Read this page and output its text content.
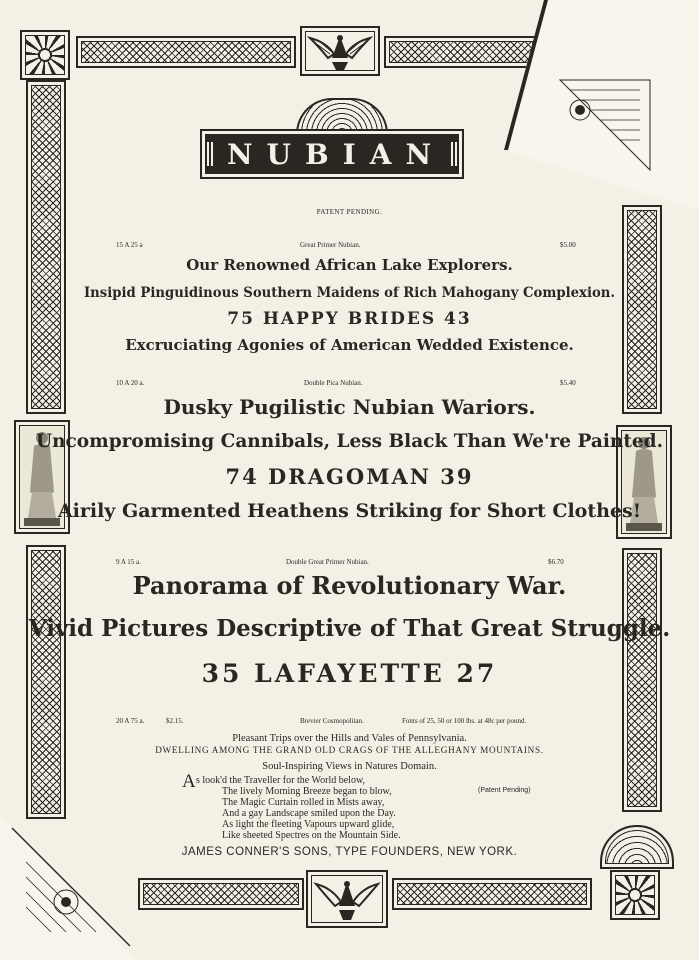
NUBIAN
PATENT PENDING.
15 A 25 a	Great Primer Nubian.	$5.00
Our Renowned African Lake Explorers.
Insipid Pinguidinous Southern Maidens of Rich Mahogany Complexion.
75 HAPPY BRIDES 43
Excruciating Agonies of American Wedded Existence.
10 A 20 a.	Double Pica Nubian.	$5.40
Dusky Pugilistic Nubian Wariors.
Uncompromising Cannibals, Less Black Than We're Painted.
74 DRAGOMAN 39
Airily Garmented Heathens Striking for Short Clothes!
9 A 15 a.	Double Great Primer Nubian.	$6.70
Panorama of Revolutionary War.
Vivid Pictures Descriptive of That Great Struggle.
35 LAFAYETTE 27
20 A 75 a.	$2.15.	Brevier Cosmopolitan.	Fonts of 25, 50 or 100 lbs. at 48c per pound.
Pleasant Trips over the Hills and Vales of Pennsylvania.
DWELLING AMONG THE GRAND OLD CRAGS OF THE ALLEGHANY MOUNTAINS.
Soul-Inspiring Views in Natures Domain.
A s look'd the Traveller for the World below,
The lively Morning Breeze began to blow,
The Magic Curtain rolled in Mists away,
And a gay Landscape smiled upon the Day.
As light the fleeting Vapours upward glide,
Like sheeted Spectres on the Mountain Side.
(Patent Pending)
JAMES CONNER'S SONS, TYPE FOUNDERS, NEW YORK.
